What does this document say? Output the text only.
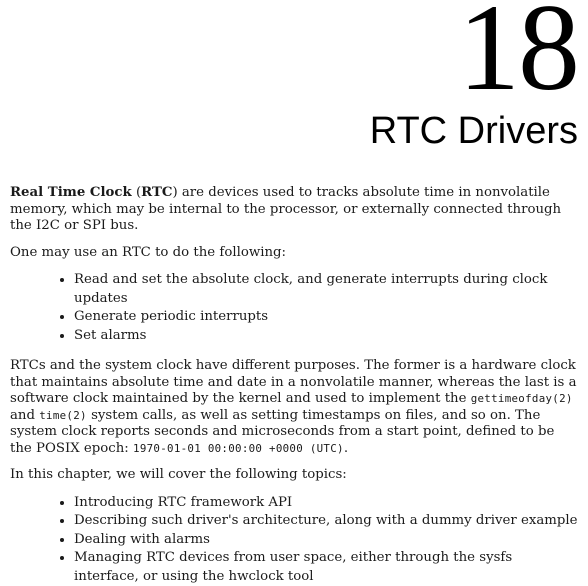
18
RTC Drivers

Real Time Clock (RTC) are devices used to tracks absolute time in nonvolatile memory, which may be internal to the processor, or externally connected through the I2C or SPI bus.

One may use an RTC to do the following:

• Read and set the absolute clock, and generate interrupts during clock updates
• Generate periodic interrupts
• Set alarms

RTCs and the system clock have different purposes. The former is a hardware clock that maintains absolute time and date in a nonvolatile manner, whereas the last is a software clock maintained by the kernel and used to implement the gettimeofday(2) and time(2) system calls, as well as setting timestamps on files, and so on. The system clock reports seconds and microseconds from a start point, defined to be the POSIX epoch: 1970-01-01 00:00:00 +0000 (UTC).

In this chapter, we will cover the following topics:

• Introducing RTC framework API
• Describing such driver's architecture, along with a dummy driver example
• Dealing with alarms
• Managing RTC devices from user space, either through the sysfs interface, or using the hwclock tool
